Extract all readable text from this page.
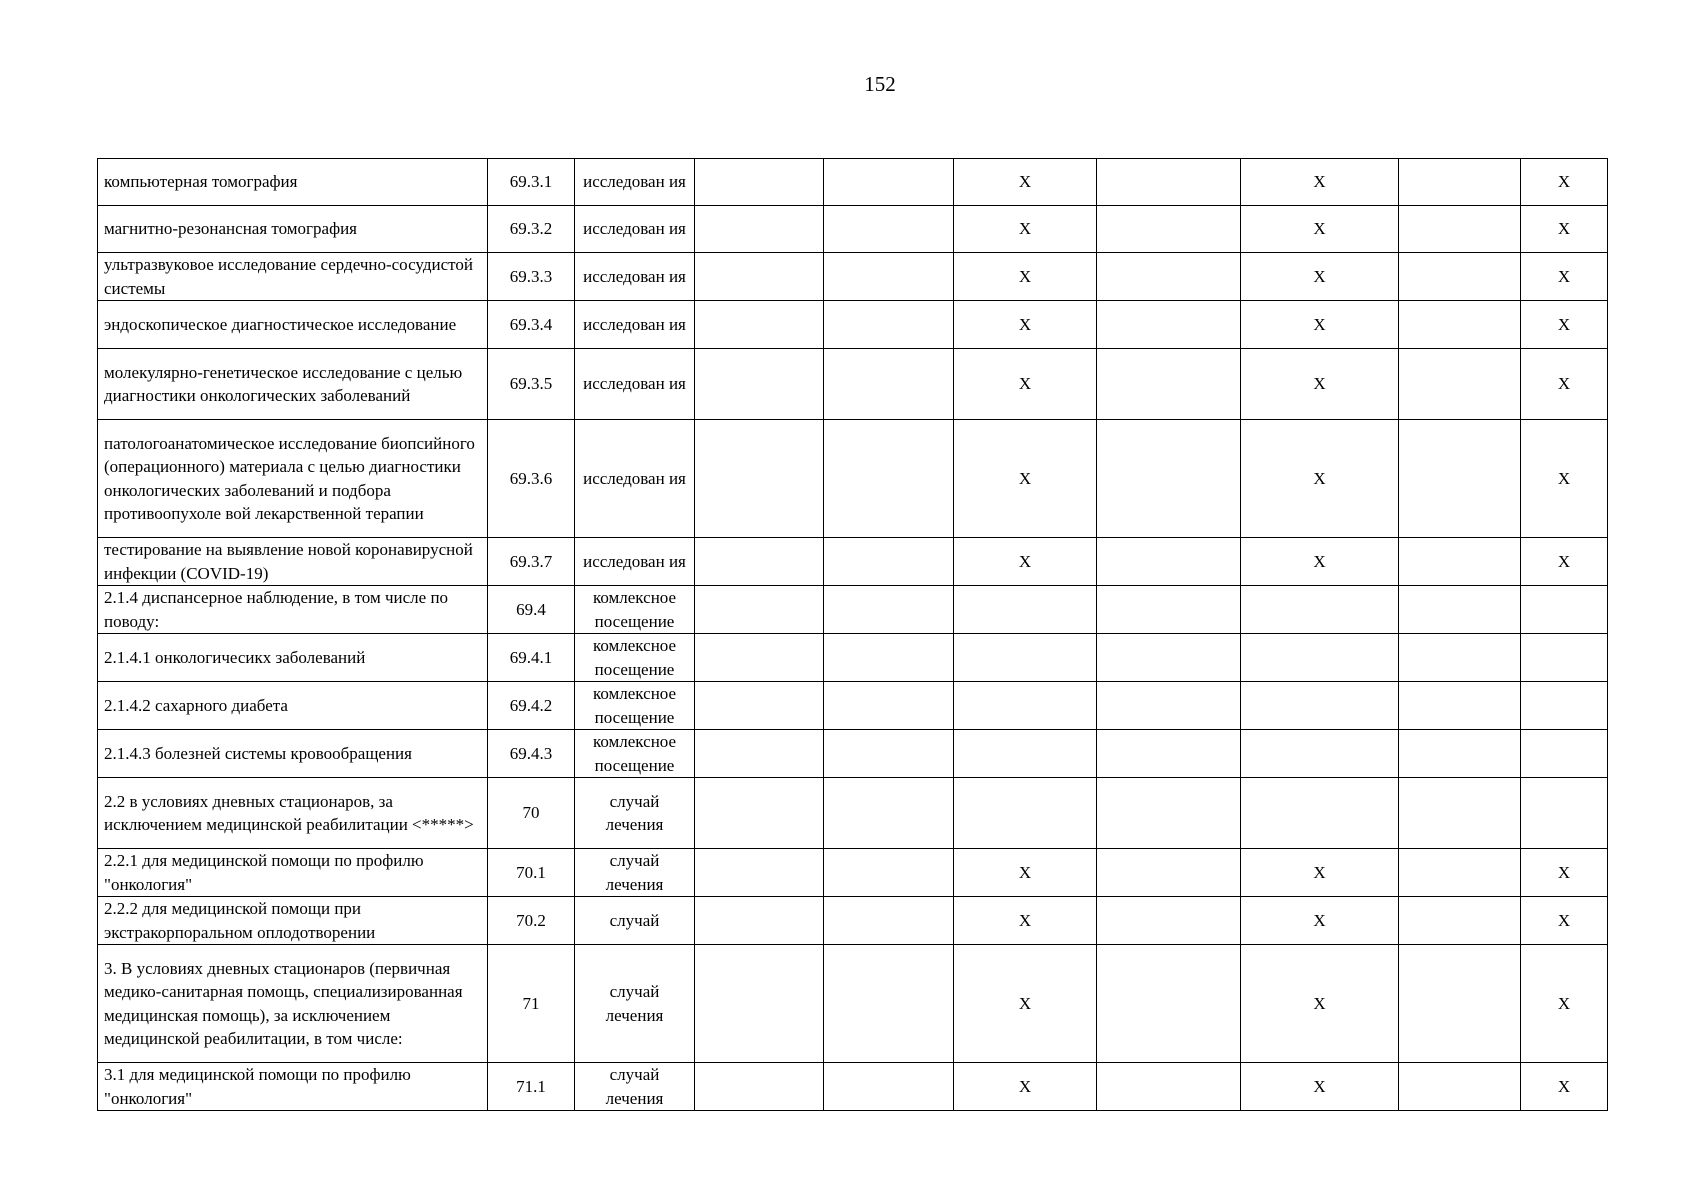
152
компьютерная томография	69.3.1	исследован ия			Х		Х		Х
магнитно-резонансная томография	69.3.2	исследован ия			Х		Х		Х
ультразвуковое исследование сердечно-сосудистой системы	69.3.3	исследован ия			Х		Х		Х
эндоскопическое диагностическое исследование	69.3.4	исследован ия			Х		Х		Х
молекулярно-генетическое исследование с целью диагностики онкологических заболеваний	69.3.5	исследован ия			Х		Х		Х
патологоанатомическое исследование биопсийного (операционного) материала с целью диагностики онкологических заболеваний и подбора противоопухоле вой лекарственной терапии	69.3.6	исследован ия			Х		Х		Х
тестирование на выявление новой коронавирусной инфекции (COVID-19)	69.3.7	исследован ия			Х		Х		Х
2.1.4 диспансерное наблюдение, в том числе по поводу:	69.4	комлексное посещение							
2.1.4.1 онкологичесикх заболеваний	69.4.1	комлексное посещение							
2.1.4.2 сахарного диабета	69.4.2	комлексное посещение							
2.1.4.3 болезней системы кровообращения	69.4.3	комлексное посещение							
2.2 в условиях дневных стационаров, за исключением медицинской реабилитации <*****>	70	случай лечения							
2.2.1 для медицинской помощи по профилю "онкология"	70.1	случай лечения			Х		Х		Х
2.2.2 для медицинской помощи при экстракорпоральном оплодотворении	70.2	случай			Х		Х		Х
3. В условиях дневных стационаров (первичная медико-санитарная помощь, специализированная медицинская помощь), за исключением медицинской реабилитации, в том числе:	71	случай лечения			Х		Х		Х
3.1 для медицинской помощи по профилю "онкология"	71.1	случай лечения			Х		Х		Х
